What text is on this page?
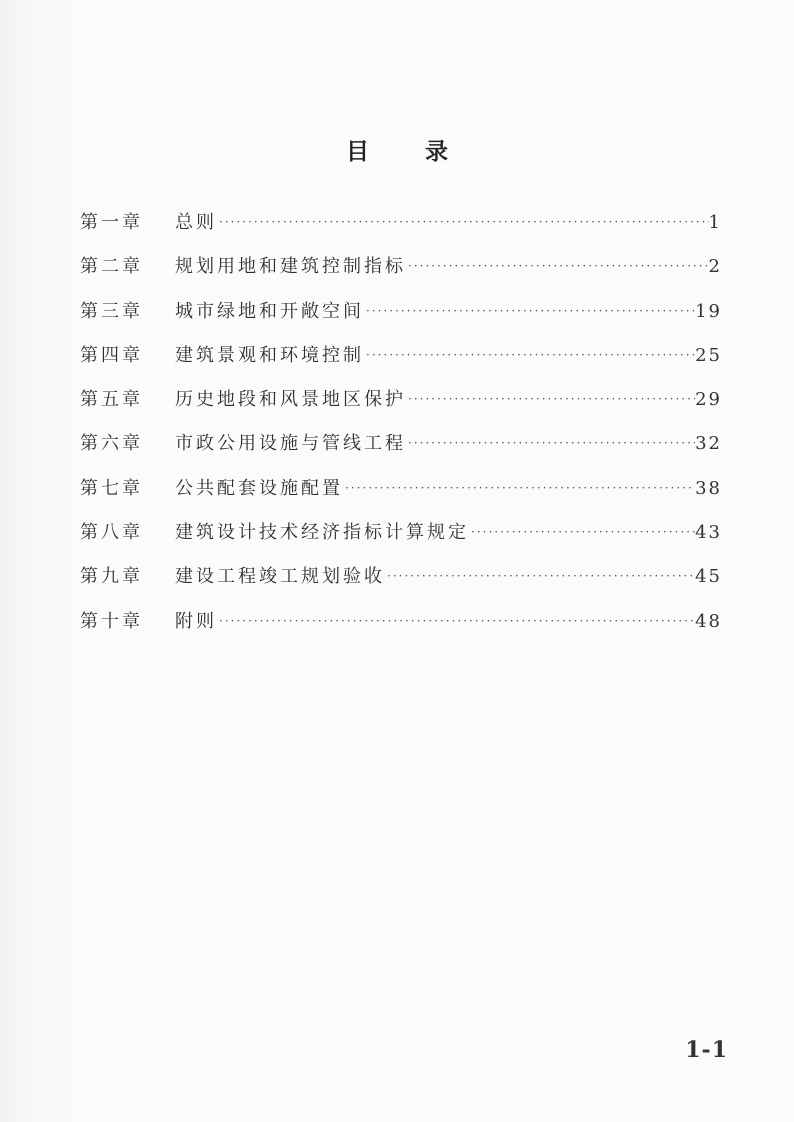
目 录
第一章	总则 ·····	1
第二章	规划用地和建筑控制指标 ·····	2
第三章	城市绿地和开敞空间 ·····	19
第四章	建筑景观和环境控制 ·····	25
第五章	历史地段和风景地区保护 ·····	29
第六章	市政公用设施与管线工程 ·····	32
第七章	公共配套设施配置 ·····	38
第八章	建筑设计技术经济指标计算规定 ·····	43
第九章	建设工程竣工规划验收 ·····	45
第十章	附则 ·····	48
1-1
